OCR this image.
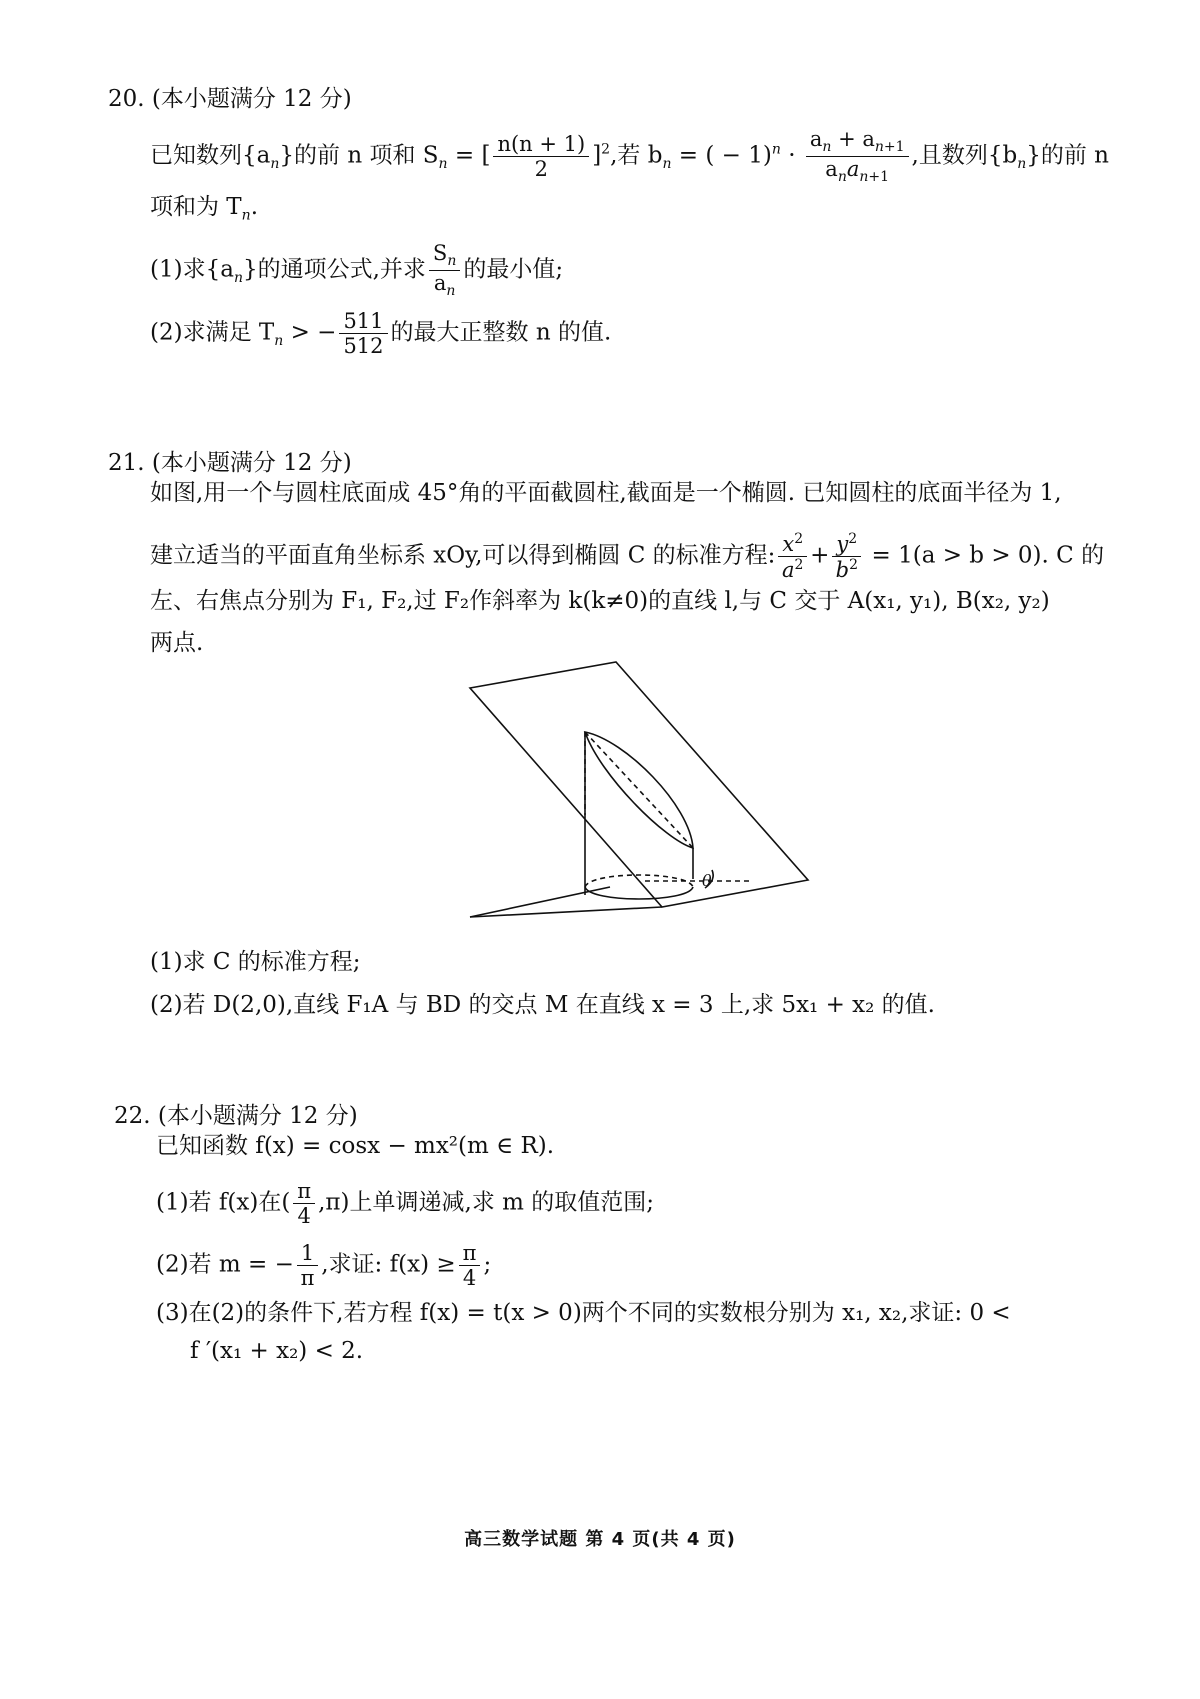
20. (本小题满分 12 分)
已知数列$\{a_n\}$的前 n 项和 $S_n$ = [ $\frac{n(n + 1)}{2} ]^2$,若 $b_n$ = ( − $1)^n \cdot \frac{a_n + a_{n+1}}{a_na_{n+1}}$ ,且数列$\{b_n\}$的前 n
项和为 $T_n$.
(1)求$\{a_n\}$的通项公式,并求 $\frac{S_n}{a_n}$ 的最小值;
(2)求满足 $T_n$ > − $\frac{511}{512}$ 的最大正整数 n 的值.
21. (本小题满分 12 分)
如图,用一个与圆柱底面成 45°角的平面截圆柱,截面是一个椭圆. 已知圆柱的底面半径为 1,
建立适当的平面直角坐标系 xOy,可以得到椭圆 C 的标准方程: $\frac{x^2}{a^2} + \frac{y^2}{b^2} = 1(a > b > 0)$. C 的
左、右焦点分别为 F₁, F₂,过 F₂作斜率为 k(k≠0)的直线 l,与 C 交于 A(x₁, y₁), B(x₂, y₂)
两点.
θ
(1)求 C 的标准方程;
(2)若 D(2,0),直线 F₁A 与 BD 的交点 M 在直线 x = 3 上,求 5x₁ + x₂ 的值.
22. (本小题满分 12 分)
已知函数 f(x) = cosx − mx²(m ∈ R).
(1)若 f(x)在( $\frac{\pi}{4} ,\pi$)上单调递减,求 m 的取值范围;
(2)若 m = − $\frac{1}{\pi}$ ,求证: $f(x) \ge \frac{\pi}{4}$ ;
(3)在(2)的条件下,若方程 f(x) = t(x > 0)两个不同的实数根分别为 x₁, x₂,求证: 0 <
f ′(x₁ + x₂) < 2.
高三数学试题 第 4 页(共 4 页)
